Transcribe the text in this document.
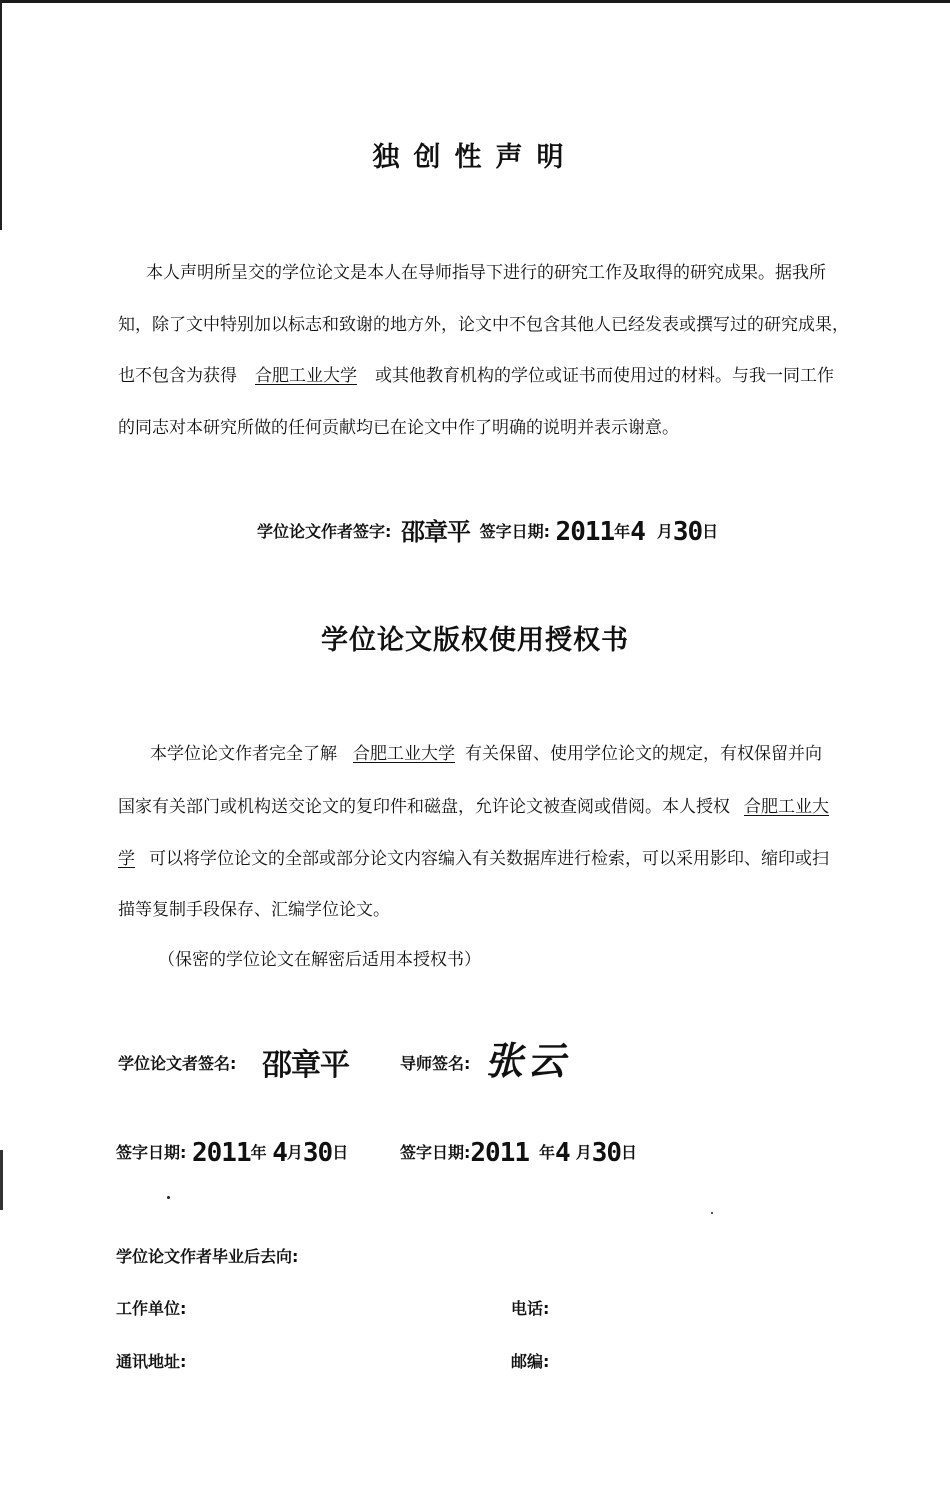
独创性声明
本人声明所呈交的学位论文是本人在导师指导下进行的研究工作及取得的研究成果。据我所
知，除了文中特别加以标志和致谢的地方外，论文中不包含其他人已经发表或撰写过的研究成果，
也不包含为获得 合肥工业大学 或其他教育机构的学位或证书而使用过的材料。与我一同工作
的同志对本研究所做的任何贡献均已在论文中作了明确的说明并表示谢意。
学位论文作者签字: 邵章平 签字日期: 2011年4 月30日
学位论文版权使用授权书
本学位论文作者完全了解 合肥工业大学 有关保留、使用学位论文的规定，有权保留并向
国家有关部门或机构送交论文的复印件和磁盘，允许论文被查阅或借阅。本人授权 合肥工业大
学 可以将学位论文的全部或部分论文内容编入有关数据库进行检索，可以采用影印、缩印或扫
描等复制手段保存、汇编学位论文。
（保密的学位论文在解密后适用本授权书）
学位论文者签名: 邵章平	导师签名: 张云
签字日期: 2011年 4月30日	签字日期:2011 年4 月30日
学位论文作者毕业后去向:
工作单位:	电话:
通讯地址:	邮编:
